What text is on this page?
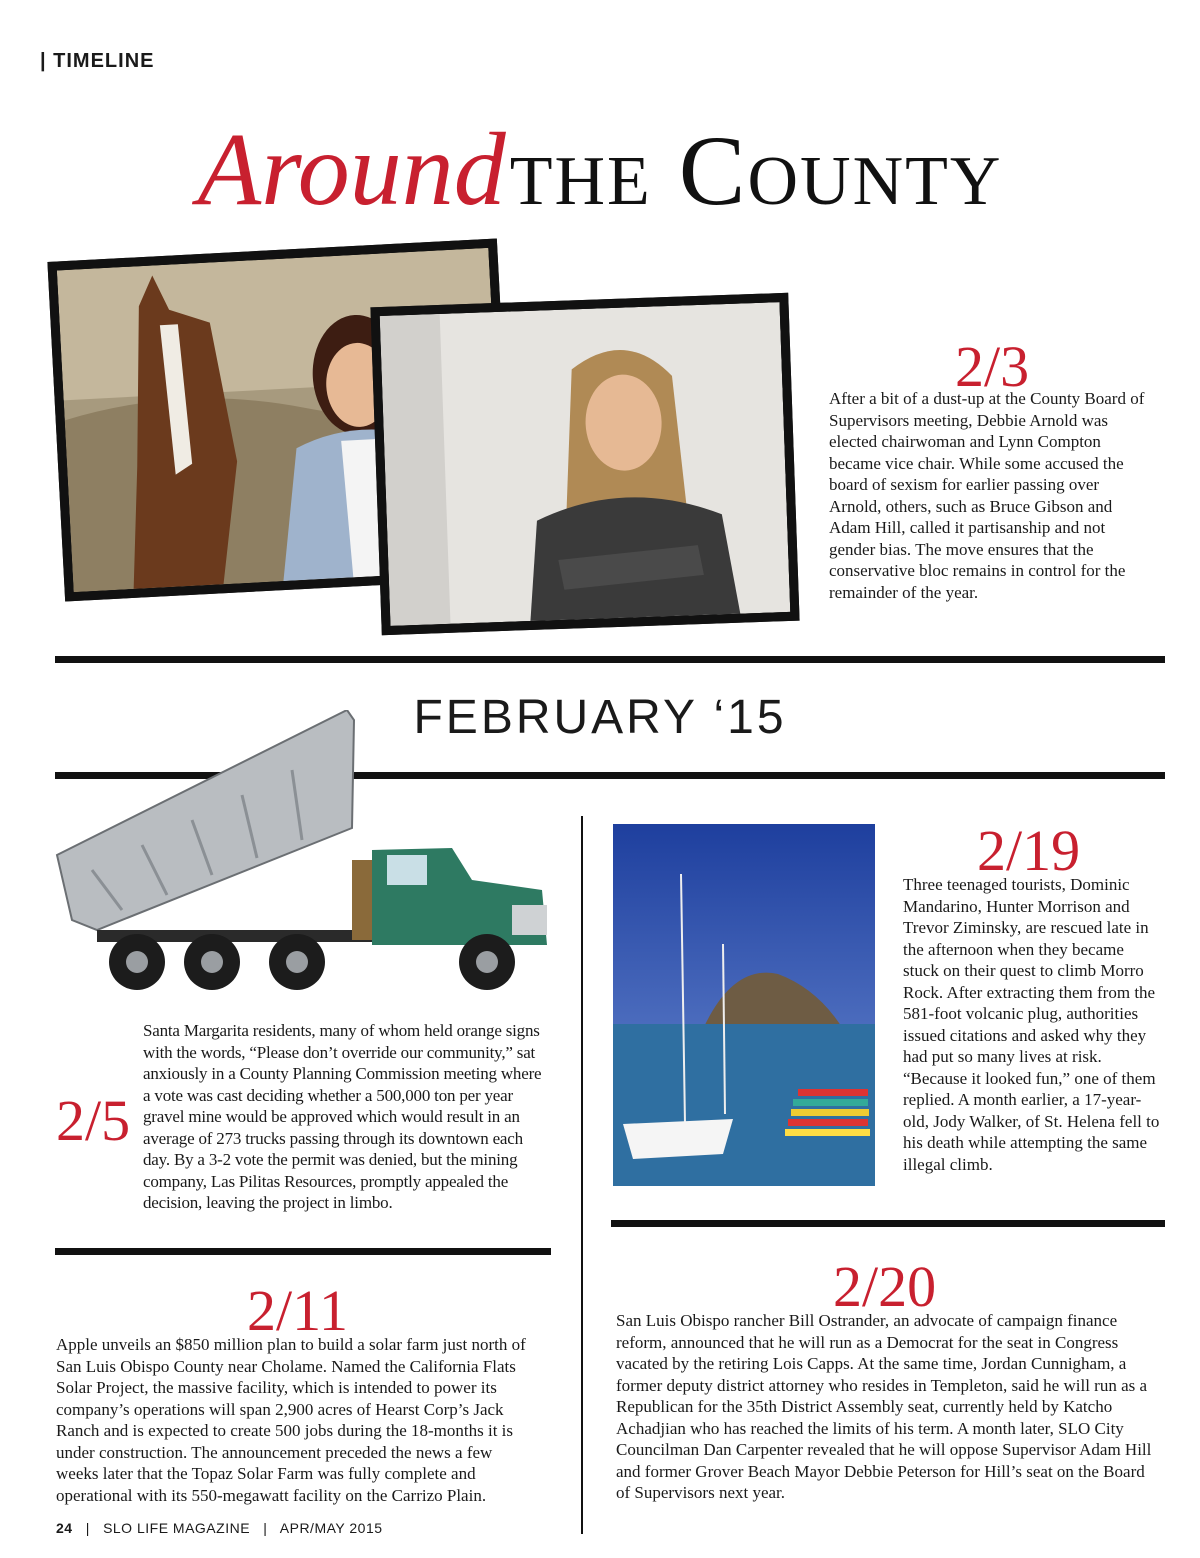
| TIMELINE
Around the County
2/3
After a bit of a dust-up at the County Board of Supervisors meeting, Debbie Arnold was elected chairwoman and Lynn Compton became vice chair. While some accused the board of sexism for earlier passing over Arnold, others, such as Bruce Gibson and Adam Hill, called it partisanship and not gender bias. The move ensures that the conservative bloc remains in control for the remainder of the year.
FEBRUARY ‘15
2/5
Santa Margarita residents, many of whom held orange signs with the words, “Please don’t override our community,” sat anxiously in a County Planning Commission meeting where a vote was cast deciding whether a 500,000 ton per year gravel mine would be approved which would result in an average of 273 trucks passing through its downtown each day. By a 3-2 vote the permit was denied, but the mining company, Las Pilitas Resources, promptly appealed the decision, leaving the project in limbo.
2/19
Three teenaged tourists, Dominic Mandarino, Hunter Morrison and Trevor Ziminsky, are rescued late in the afternoon when they became stuck on their quest to climb Morro Rock. After extracting them from the 581-foot volcanic plug, authorities issued citations and asked why they had put so many lives at risk. “Because it looked fun,” one of them replied. A month earlier, a 17-year-old, Jody Walker, of St. Helena fell to his death while attempting the same illegal climb.
2/11
Apple unveils an $850 million plan to build a solar farm just north of San Luis Obispo County near Cholame. Named the California Flats Solar Project, the massive facility, which is intended to power its company’s operations will span 2,900 acres of Hearst Corp’s Jack Ranch and is expected to create 500 jobs during the 18-months it is under construction. The announcement preceded the news a few weeks later that the Topaz Solar Farm was fully complete and operational with its 550-megawatt facility on the Carrizo Plain.
2/20
San Luis Obispo rancher Bill Ostrander, an advocate of campaign finance reform, announced that he will run as a Democrat for the seat in Congress vacated by the retiring Lois Capps. At the same time, Jordan Cunnigham, a former deputy district attorney who resides in Templeton, said he will run as a Republican for the 35th District Assembly seat, currently held by Katcho Achadjian who has reached the limits of his term. A month later, SLO City Councilman Dan Carpenter revealed that he will oppose Supervisor Adam Hill and former Grover Beach Mayor Debbie Peterson for Hill’s seat on the Board of Supervisors next year.
24 | SLO LIFE MAGAZINE | APR/MAY 2015
